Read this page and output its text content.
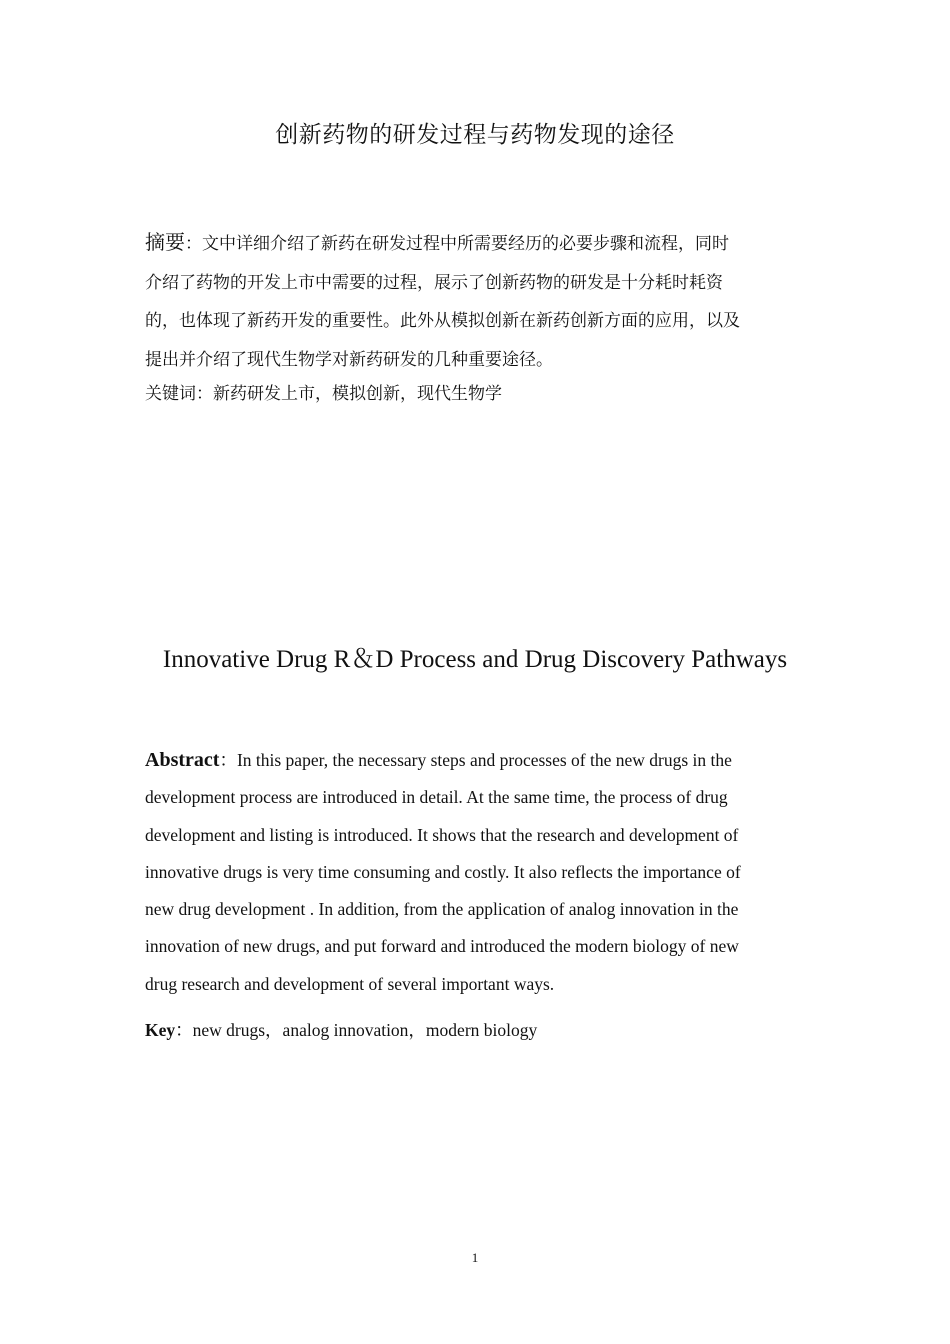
创新药物的研发过程与药物发现的途径
摘要：文中详细介绍了新药在研发过程中所需要经历的必要步骤和流程，同时
介绍了药物的开发上市中需要的过程，展示了创新药物的研发是十分耗时耗资
的，也体现了新药开发的重要性。此外从模拟创新在新药创新方面的应用，以及
提出并介绍了现代生物学对新药研发的几种重要途径。
关键词：新药研发上市，模拟创新，现代生物学
Innovative Drug R＆D Process and Drug Discovery Pathways
Abstract：In this paper, the necessary steps and processes of the new drugs in the
development process are introduced in detail. At the same time, the process of drug
development and listing is introduced. It shows that the research and development of
innovative drugs is very time consuming and costly. It also reflects the importance of
new drug development . In addition, from the application of analog innovation in the
innovation of new drugs, and put forward and introduced the modern biology of new
drug research and development of several important ways.
Key：new drugs，analog innovation，modern biology
1
